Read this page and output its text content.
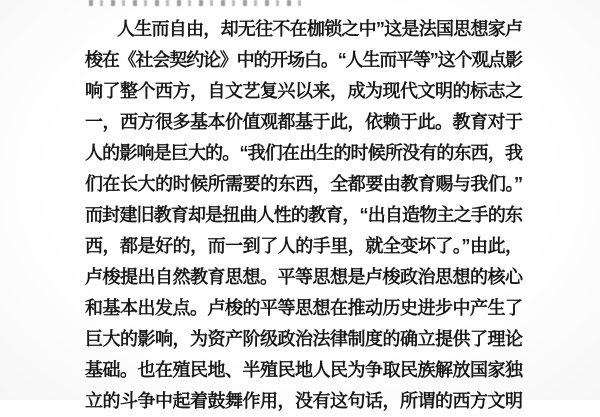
人生而自由，却无往不在枷锁之中”这是法国思想家卢
梭在《社会契约论》中的开场白。“人生而平等”这个观点影
响了整个西方，自文艺复兴以来，成为现代文明的标志之
一，西方很多基本价值观都基于此，依赖于此。教育对于
人的影响是巨大的。“我们在出生的时候所没有的东西，我
们在长大的时候所需要的东西，全都要由教育赐与我们。”
而封建旧教育却是扭曲人性的教育，“出自造物主之手的东
西，都是好的，而一到了人的手里，就全变坏了。”由此，
卢梭提出自然教育思想。平等思想是卢梭政治思想的核心
和基本出发点。卢梭的平等思想在推动历史进步中产生了
巨大的影响，为资产阶级政治法律制度的确立提供了理论
基础。也在殖民地、半殖民地人民为争取民族解放国家独
立的斗争中起着鼓舞作用，没有这句话，所谓的西方文明
